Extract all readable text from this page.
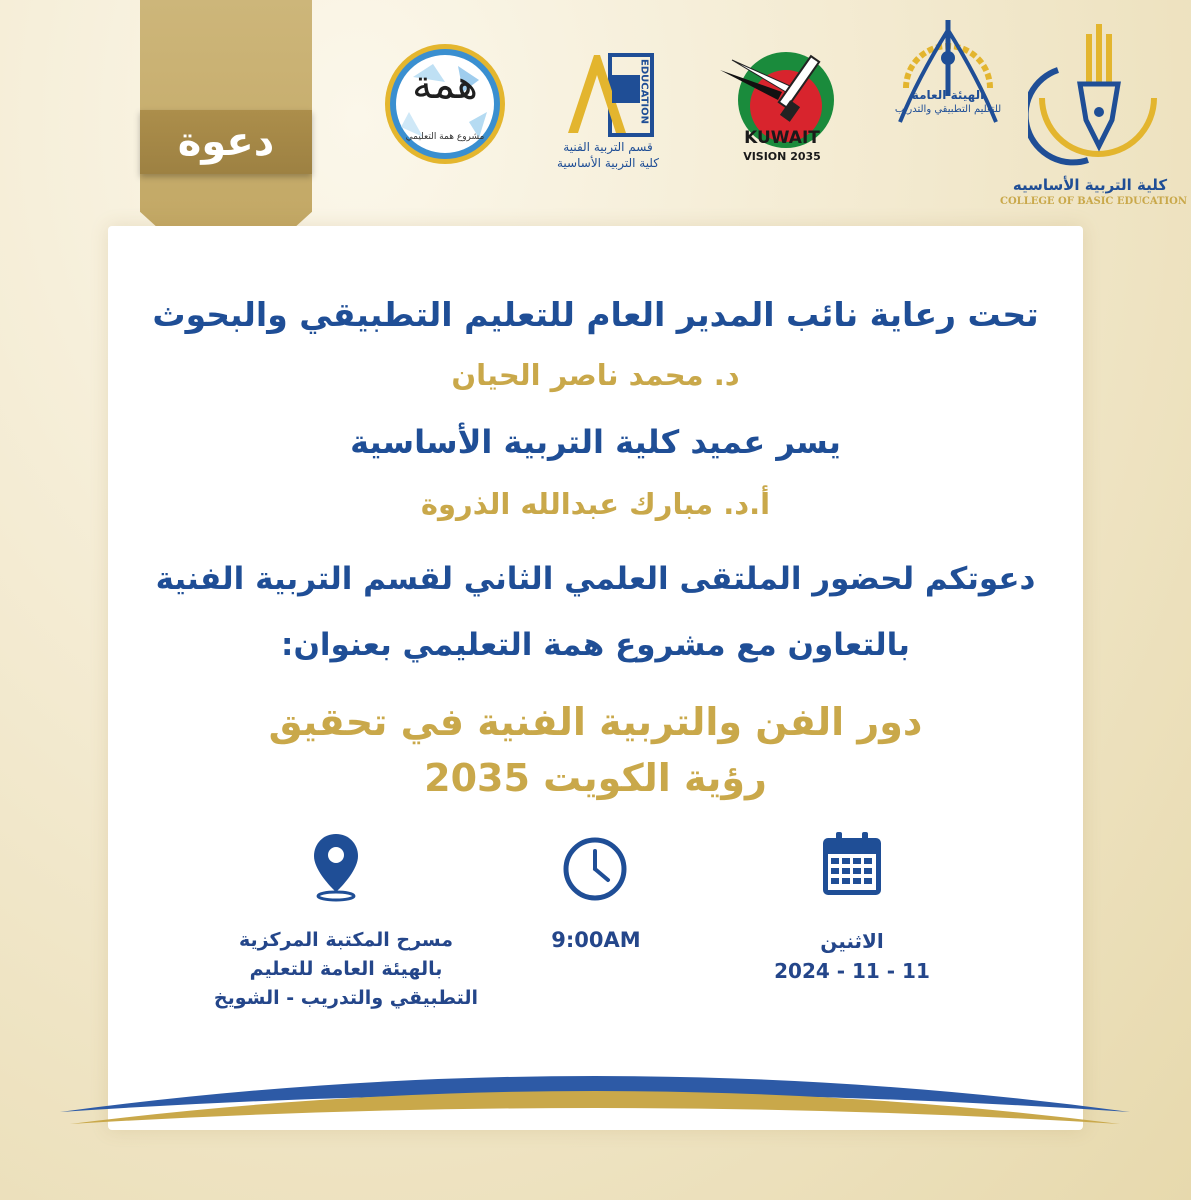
دعوة
همة
مشروع همة التعليمي
EDUCATION
قسم التربية الفنية
كلية التربية الأساسية
KUWAIT
VISION 2035
الهيئة العامة
للتعليم التطبيقي والتدريب
كلية التربية الأساسيه
COLLEGE OF BASIC EDUCATION
تحت رعاية نائب المدير العام للتعليم التطبيقي والبحوث
د. محمد ناصر الحيان
يسر عميد كلية التربية الأساسية
أ.د. مبارك عبدالله الذروة
دعوتكم لحضور الملتقى العلمي الثاني لقسم التربية الفنية
بالتعاون مع مشروع همة التعليمي بعنوان:
دور الفن والتربية الفنية في تحقيق
رؤية الكويت 2035
مسرح المكتبة المركزية
بالهيئة العامة للتعليم
التطبيقي والتدريب - الشويخ
9:00AM	الاثنين
2024 - 11 - 11
